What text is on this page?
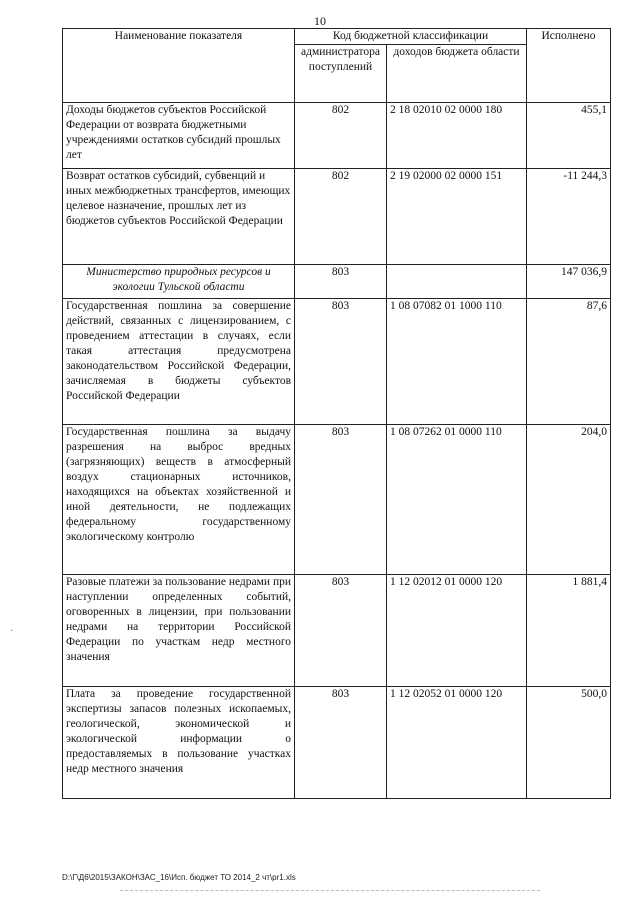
10
Наименование показателя	Код бюджетной классификации		Исполнено
	администратора поступлений	доходов бюджета области	
Доходы бюджетов субъектов Российской Федерации от возврата бюджетными учреждениями остатков субсидий прошлых лет	802	2 18 02010 02 0000 180	455,1
Возврат остатков субсидий, субвенций и иных межбюджетных трансфертов, имеющих целевое назначение, прошлых лет из бюджетов субъектов Российской Федерации	802	2 19 02000 02 0000 151	-11 244,3
Министерство природных ресурсов и экологии Тульской области	803		147 036,9
Государственная пошлина за совершение действий, связанных с лицензированием, с проведением аттестации в случаях, если такая аттестация предусмотрена законодательством Российской Федерации, зачисляемая в бюджеты субъектов Российской Федерации	803	1 08 07082 01 1000 110	87,6
Государственная пошлина за выдачу разрешения на выброс вредных (загрязняющих) веществ в атмосферный воздух стационарных источников, находящихся на объектах хозяйственной и иной деятельности, не подлежащих федеральному государственному экологическому контролю	803	1 08 07262 01 0000 110	204,0
Разовые платежи за пользование недрами при наступлении определенных событий, оговоренных в лицензии, при пользовании недрами на территории Российской Федерации по участкам недр местного значения	803	1 12 02012 01 0000 120	1 881,4
Плата за проведение государственной экспертизы запасов полезных ископаемых, геологической, экономической и экологической информации о предоставляемых в пользование участках недр местного значения	803	1 12 02052 01 0000 120	500,0
·
D:\Г\Д6\2015\ЗАКОН\ЗАС_16\Исп. бюджет ТО 2014_2 чт\pr1.xls
